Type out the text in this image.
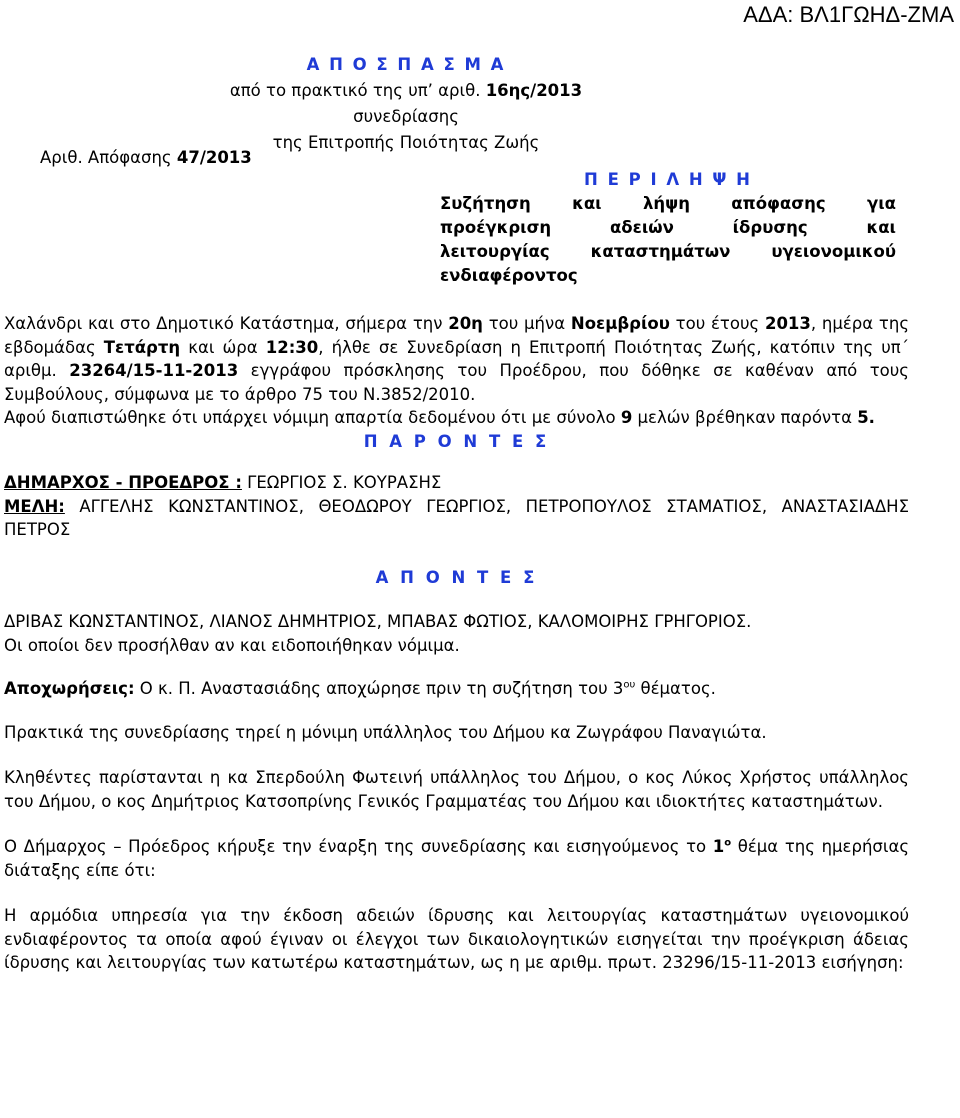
ΑΔΑ: ΒΛ1ΓΩΗΔ-ΖΜΑ
Α Π Ο Σ Π Α Σ Μ Α
από το πρακτικό της υπ’ αριθ. 16ης/2013 συνεδρίασης
της Επιτροπής Ποιότητας Ζωής
Αριθ. Απόφασης 47/2013
Π Ε Ρ Ι Λ Η Ψ Η
Συζήτηση και λήψη απόφασης για
προέγκριση αδειών ίδρυσης και
λειτουργίας καταστημάτων υγειονομικού
ενδιαφέροντος

Χαλάνδρι και στο Δημοτικό Κατάστημα, σήμερα την 20η του μήνα Νοεμβρίου του έτους 2013, ημέρα της εβδομάδας Τετάρτη και ώρα 12:30, ήλθε σε Συνεδρίαση η Επιτροπή Ποιότητας Ζωής, κατόπιν της υπ΄ αριθμ. 23264/15-11-2013 εγγράφου πρόσκλησης του Προέδρου, που δόθηκε σε καθέναν από τους Συμβούλους, σύμφωνα με το άρθρο 75 του Ν.3852/2010.

Αφού διαπιστώθηκε ότι υπάρχει νόμιμη απαρτία δεδομένου ότι με σύνολο 9 μελών βρέθηκαν παρόντα 5.

Π Α Ρ Ο Ν Τ Ε Σ

ΔΗΜΑΡΧΟΣ - ΠΡΟΕΔΡΟΣ : ΓΕΩΡΓΙΟΣ Σ. ΚΟΥΡΑΣΗΣ

ΜΕΛΗ: ΑΓΓΕΛΗΣ ΚΩΝΣΤΑΝΤΙΝΟΣ, ΘΕΟΔΩΡΟΥ ΓΕΩΡΓΙΟΣ, ΠΕΤΡΟΠΟΥΛΟΣ ΣΤΑΜΑΤΙΟΣ, ΑΝΑΣΤΑΣΙΑΔΗΣ ΠΕΤΡΟΣ

Α Π Ο Ν Τ Ε Σ

ΔΡΙΒΑΣ ΚΩΝΣΤΑΝΤΙΝΟΣ, ΛΙΑΝΟΣ ΔΗΜΗΤΡΙΟΣ, ΜΠΑΒΑΣ ΦΩΤΙΟΣ, ΚΑΛΟΜΟΙΡΗΣ ΓΡΗΓΟΡΙΟΣ.

Οι οποίοι δεν προσήλθαν αν και ειδοποιήθηκαν νόμιμα.

Αποχωρήσεις: Ο κ. Π. Αναστασιάδης αποχώρησε πριν τη συζήτηση του $3^{o\upsilon}$ θέματος.

Πρακτικά της συνεδρίασης τηρεί η μόνιμη υπάλληλος του Δήμου κα Ζωγράφου Παναγιώτα.

Κληθέντες παρίστανται η κα Σπερδούλη Φωτεινή υπάλληλος του Δήμου, ο κος Λύκος Χρήστος υπάλληλος του Δήμου, ο κος Δημήτριος Κατσοπρίνης Γενικός Γραμματέας του Δήμου και ιδιοκτήτες καταστημάτων.

Ο Δήμαρχος – Πρόεδρος κήρυξε την έναρξη της συνεδρίασης και εισηγούμενος το $1^o$ θέμα της ημερήσιας διάταξης είπε ότι:

Η αρμόδια υπηρεσία για την έκδοση αδειών ίδρυσης και λειτουργίας καταστημάτων υγειονομικού ενδιαφέροντος τα οποία αφού έγιναν οι έλεγχοι των δικαιολογητικών εισηγείται την προέγκριση άδειας ίδρυσης και λειτουργίας των κατωτέρω καταστημάτων, ως η με αριθμ. πρωτ. 23296/15-11-2013 εισήγηση:
